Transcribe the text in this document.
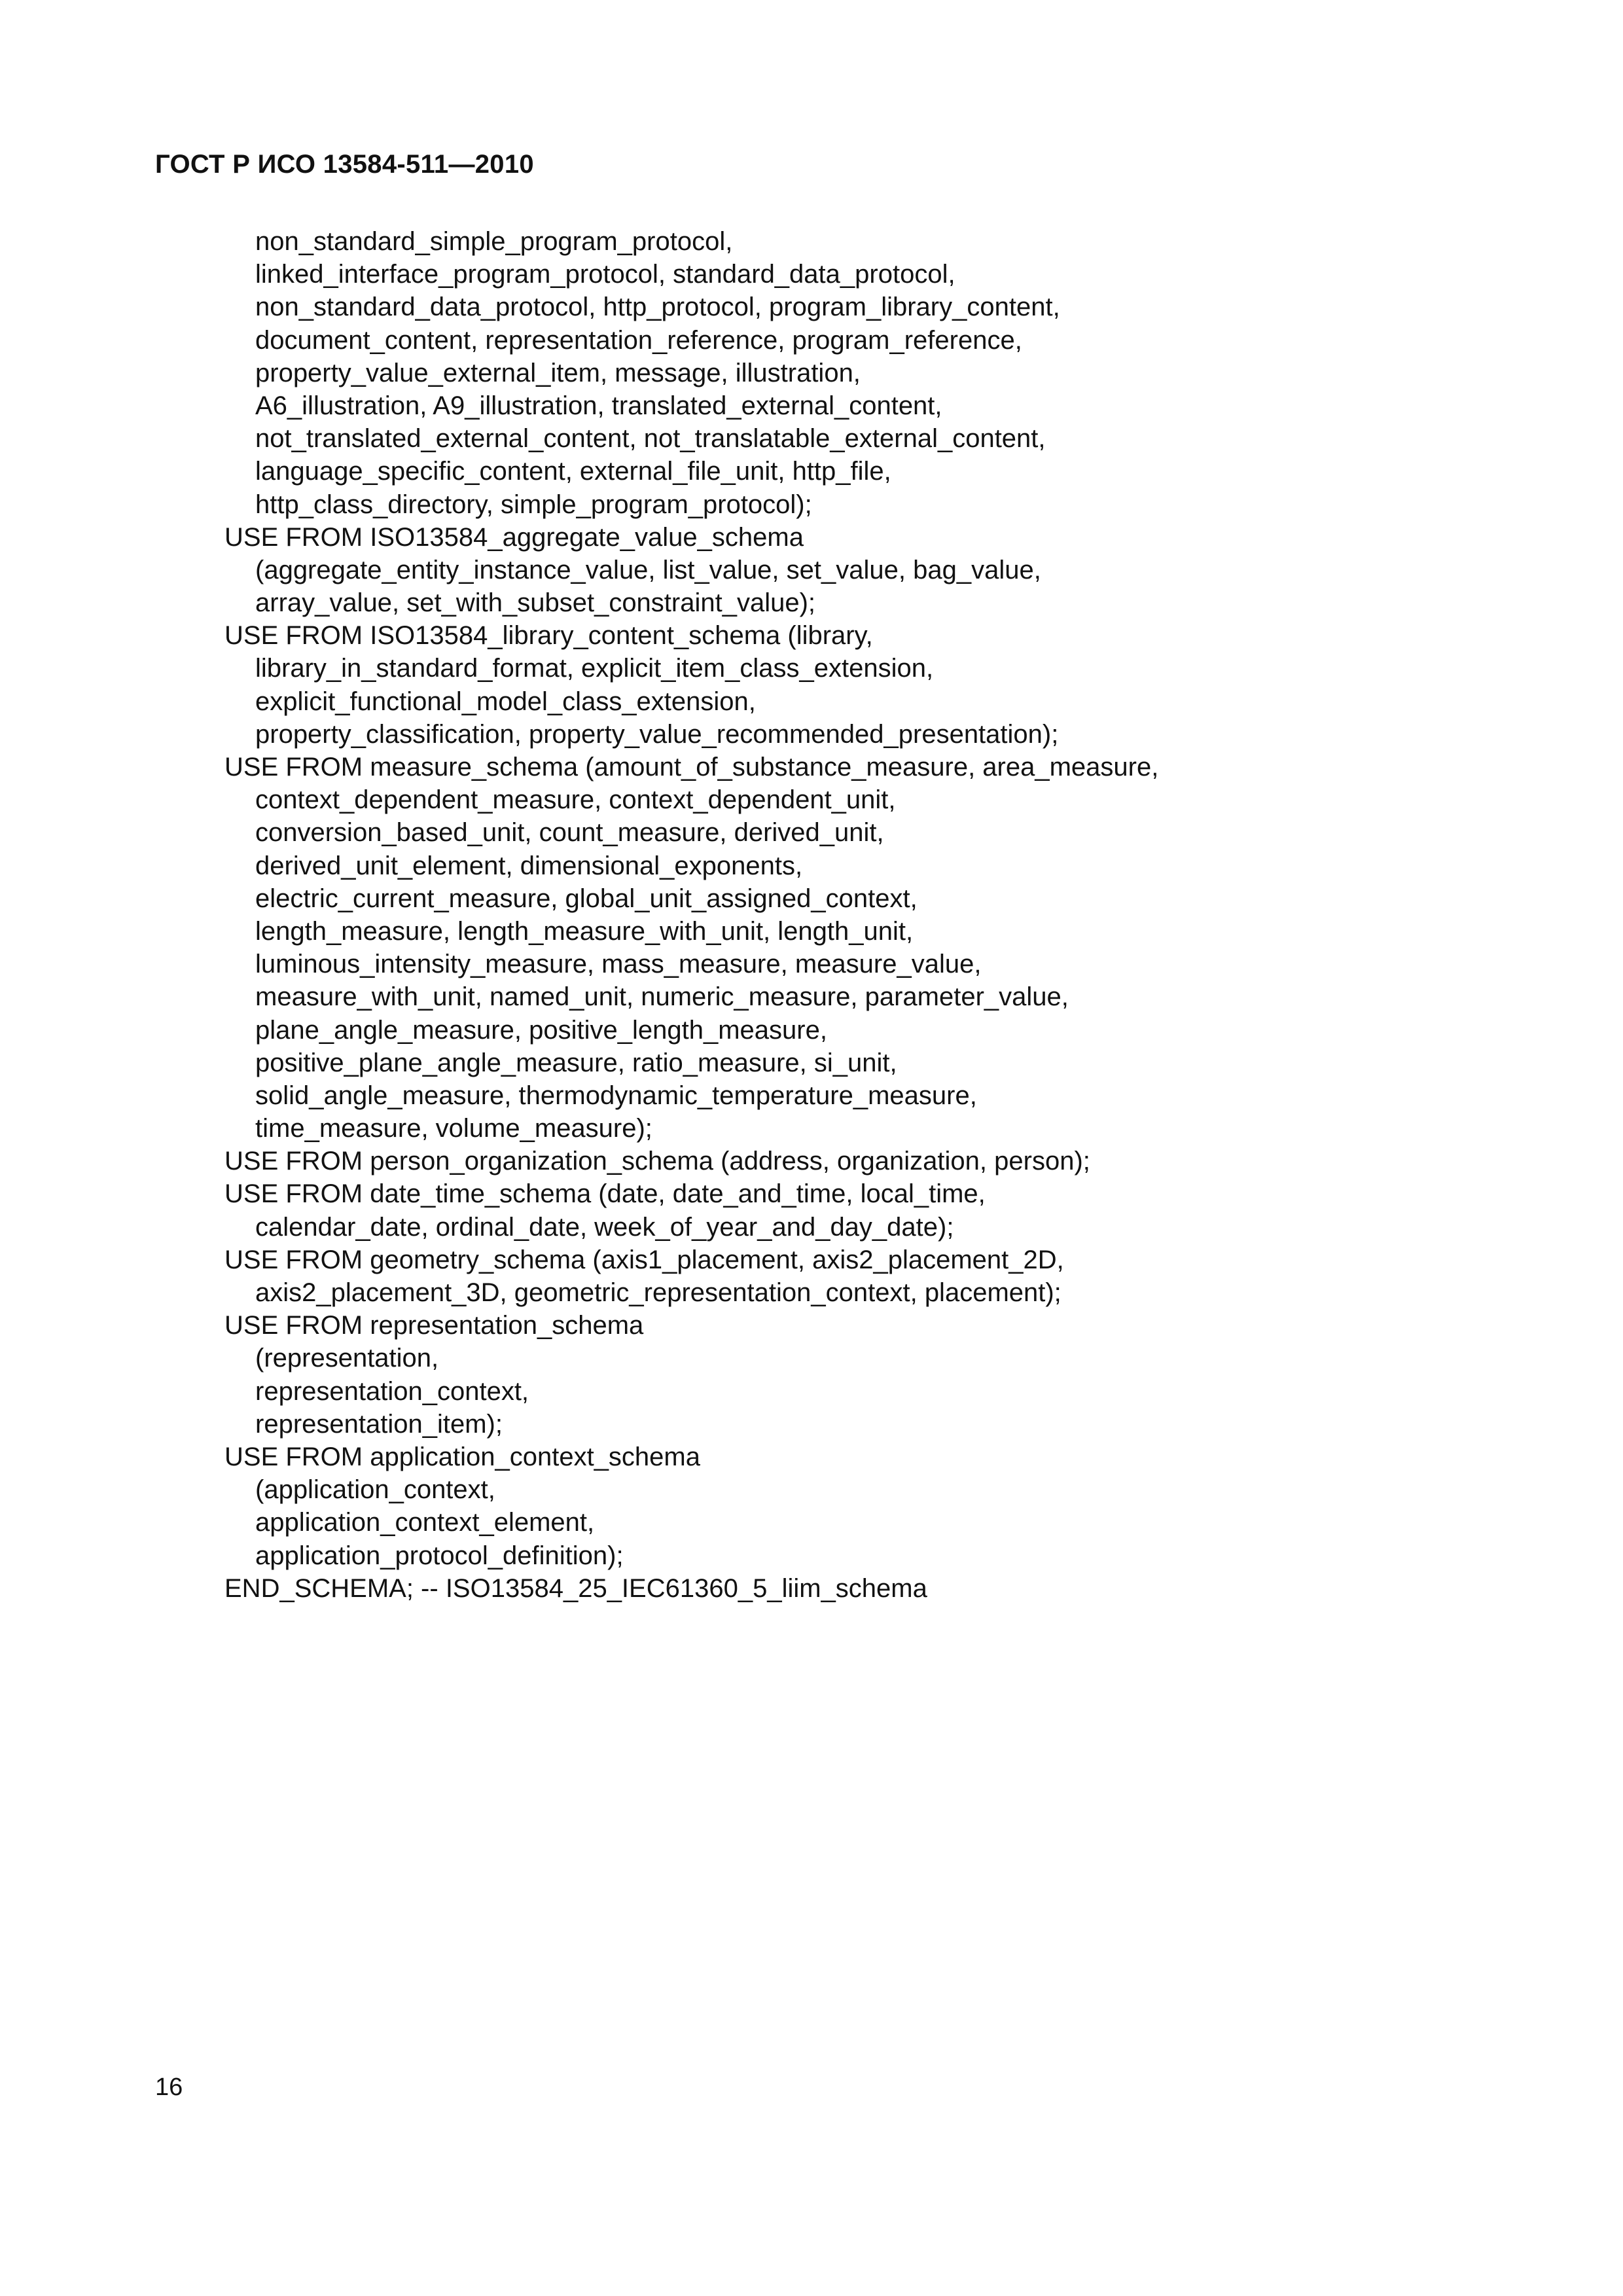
ГОСТ Р ИСО 13584-511—2010
non_standard_simple_program_protocol,
linked_interface_program_protocol, standard_data_protocol,
non_standard_data_protocol, http_protocol, program_library_content,
document_content, representation_reference, program_reference,
property_value_external_item, message, illustration,
A6_illustration, A9_illustration, translated_external_content,
not_translated_external_content, not_translatable_external_content,
language_specific_content, external_file_unit, http_file,
http_class_directory, simple_program_protocol);
USE FROM ISO13584_aggregate_value_schema
(aggregate_entity_instance_value, list_value, set_value, bag_value,
array_value, set_with_subset_constraint_value);
USE FROM ISO13584_library_content_schema (library,
library_in_standard_format, explicit_item_class_extension,
explicit_functional_model_class_extension,
property_classification, property_value_recommended_presentation);
USE FROM measure_schema (amount_of_substance_measure, area_measure,
context_dependent_measure, context_dependent_unit,
conversion_based_unit, count_measure, derived_unit,
derived_unit_element, dimensional_exponents,
electric_current_measure, global_unit_assigned_context,
length_measure, length_measure_with_unit, length_unit,
luminous_intensity_measure, mass_measure, measure_value,
measure_with_unit, named_unit, numeric_measure, parameter_value,
plane_angle_measure, positive_length_measure,
positive_plane_angle_measure, ratio_measure, si_unit,
solid_angle_measure, thermodynamic_temperature_measure,
time_measure, volume_measure);
USE FROM person_organization_schema (address, organization, person);
USE FROM date_time_schema (date, date_and_time, local_time,
calendar_date, ordinal_date, week_of_year_and_day_date);
USE FROM geometry_schema (axis1_placement, axis2_placement_2D,
axis2_placement_3D, geometric_representation_context, placement);
USE FROM representation_schema
(representation,
representation_context,
representation_item);
USE FROM application_context_schema
(application_context,
application_context_element,
application_protocol_definition);
END_SCHEMA; -- ISO13584_25_IEC61360_5_liim_schema
16
